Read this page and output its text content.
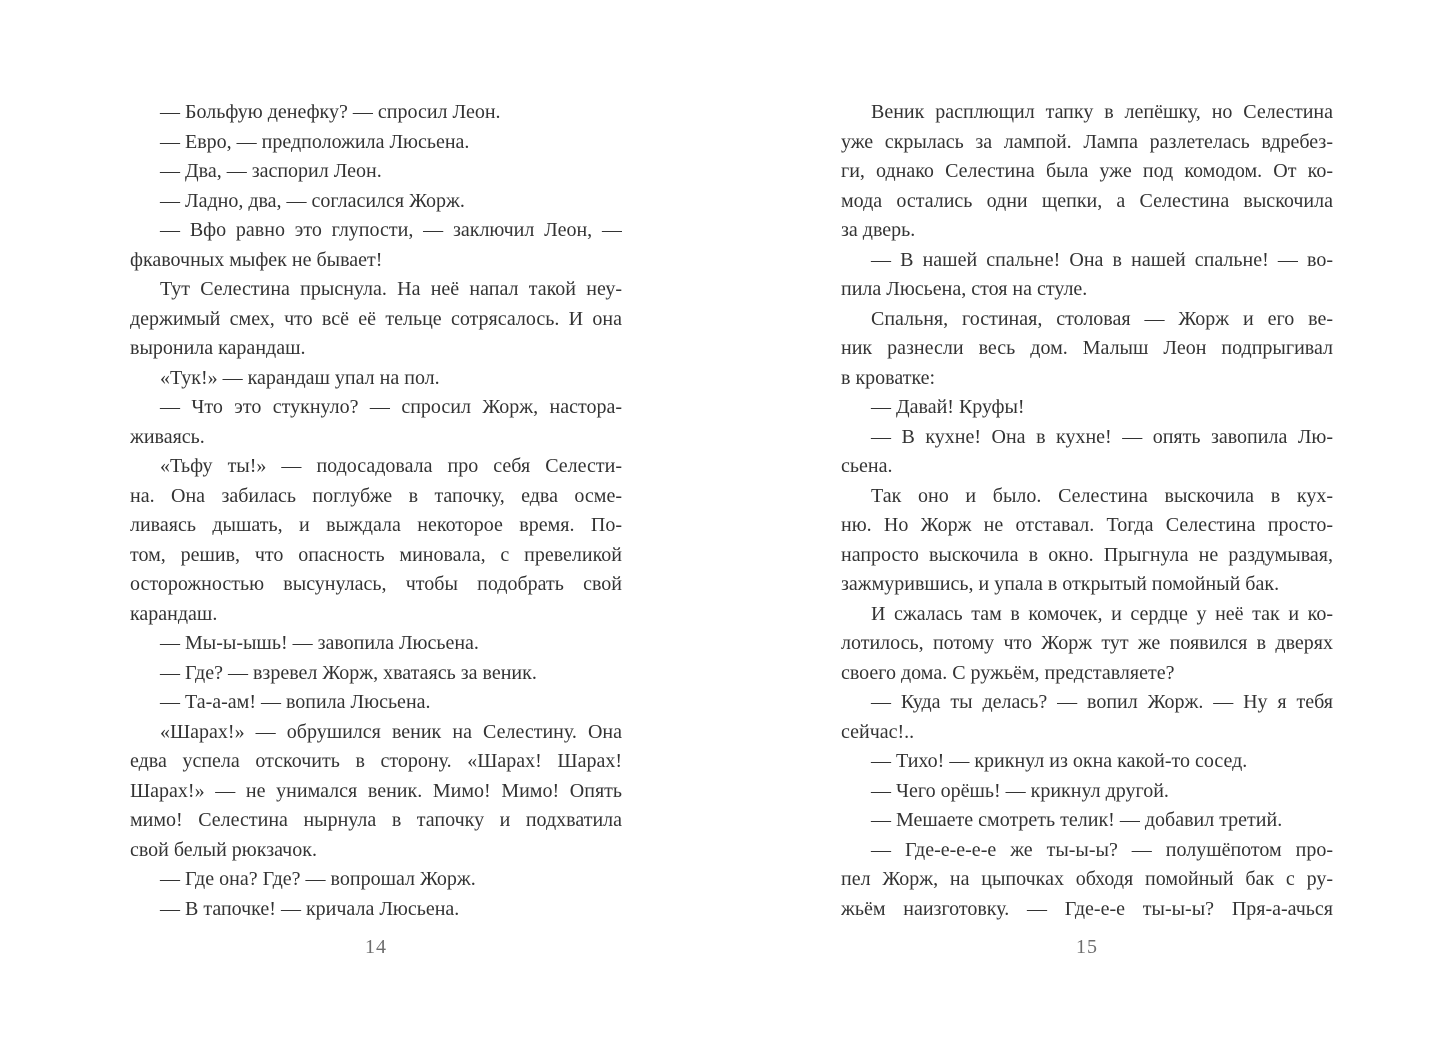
— Больфую денефку? — спросил Леон.
— Евро, — предположила Люсьена.
— Два, — заспорил Леон.
— Ладно, два, — согласился Жорж.
— Вфо равно это глупости, — заключил Леон, —
фкавочных мыфек не бывает!
Тут Селестина прыснула. На неё напал такой неу-
держимый смех, что всё её тельце сотрясалось. И она
выронила карандаш.
«Тук!» — карандаш упал на пол.
— Что это стукнуло? — спросил Жорж, настора-
живаясь.
«Тьфу ты!» — подосадовала про себя Селести-
на. Она забилась поглубже в тапочку, едва осме-
ливаясь дышать, и выждала некоторое время. По-
том, решив, что опасность миновала, с превеликой
осторожностью высунулась, чтобы подобрать свой
карандаш.
— Мы-ы-ышь! — завопила Люсьена.
— Где? — взревел Жорж, хватаясь за веник.
— Та-а-ам! — вопила Люсьена.
«Шарах!» — обрушился веник на Селестину. Она
едва успела отскочить в сторону. «Шарах! Шарах!
Шарах!» — не унимался веник. Мимо! Мимо! Опять
мимо! Селестина нырнула в тапочку и подхватила
свой белый рюкзачок.
— Где она? Где? — вопрошал Жорж.
— В тапочке! — кричала Люсьена.
14
Веник расплющил тапку в лепёшку, но Селестина
уже скрылась за лампой. Лампа разлетелась вдребез-
ги, однако Селестина была уже под комодом. От ко-
мода остались одни щепки, а Селестина выскочила
за дверь.
— В нашей спальне! Она в нашей спальне! — во-
пила Люсьена, стоя на стуле.
Спальня, гостиная, столовая — Жорж и его ве-
ник разнесли весь дом. Малыш Леон подпрыгивал
в кроватке:
— Давай! Круфы!
— В кухне! Она в кухне! — опять завопила Лю-
сьена.
Так оно и было. Селестина выскочила в кух-
ню. Но Жорж не отставал. Тогда Селестина просто-
напросто выскочила в окно. Прыгнула не раздумывая,
зажмурившись, и упала в открытый помойный бак.
И сжалась там в комочек, и сердце у неё так и ко-
лотилось, потому что Жорж тут же появился в дверях
своего дома. С ружьём, представляете?
— Куда ты делась? — вопил Жорж. — Ну я тебя
сейчас!..
— Тихо! — крикнул из окна какой-то сосед.
— Чего орёшь! — крикнул другой.
— Мешаете смотреть телик! — добавил третий.
— Где-е-е-е-е же ты-ы-ы? — полушёпотом про-
пел Жорж, на цыпочках обходя помойный бак с ру-
жьём наизготовку. — Где-е-е ты-ы-ы? Пря-а-ачься
15
